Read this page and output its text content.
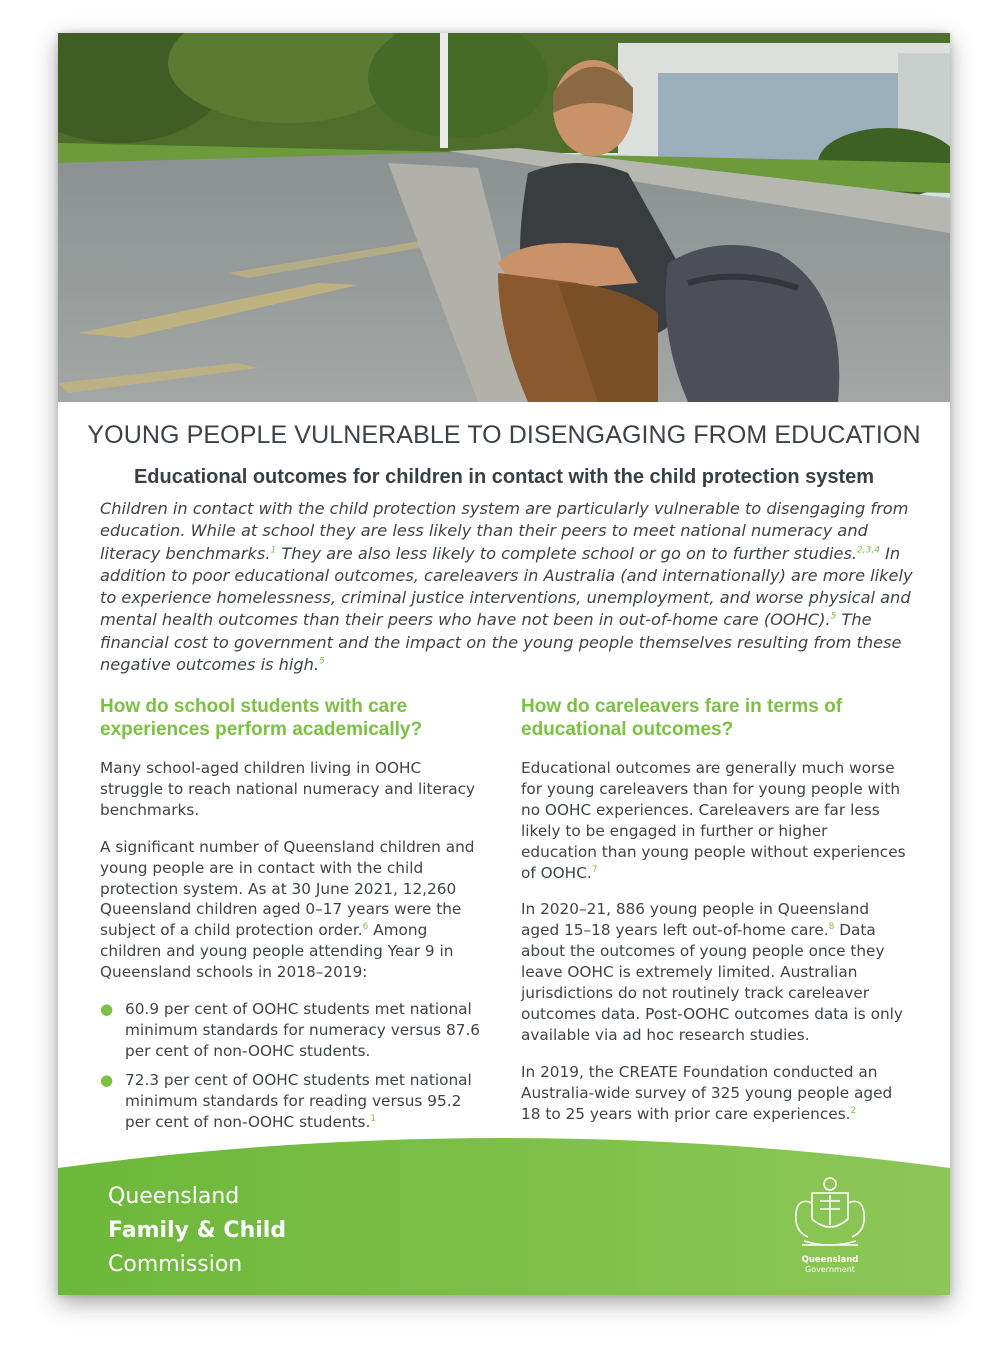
YOUNG PEOPLE VULNERABLE TO DISENGAGING FROM EDUCATION
Educational outcomes for children in contact with the child protection system

Children in contact with the child protection system are particularly vulnerable to disengaging from education. While at school they are less likely than their peers to meet national numeracy and literacy benchmarks.$^1$ They are also less likely to complete school or go on to further studies.$^{2,3,4}$ In addition to poor educational outcomes, careleavers in Australia (and internationally) are more likely to experience homelessness, criminal justice interventions, unemployment, and worse physical and mental health outcomes than their peers who have not been in out-of-home care (OOHC).$^5$ The financial cost to government and the impact on the young people themselves resulting from these negative outcomes is high.$^5$

How do school students with care experiences perform academically?

Many school-aged children living in OOHC struggle to reach national numeracy and literacy benchmarks.

A significant number of Queensland children and young people are in contact with the child protection system. As at 30 June 2021, 12,260 Queensland children aged 0–17 years were the subject of a child protection order.$^6$ Among children and young people attending Year 9 in Queensland schools in 2018–2019:

● 60.9 per cent of OOHC students met national minimum standards for numeracy versus 87.6 per cent of non-OOHC students.
● 72.3 per cent of OOHC students met national minimum standards for reading versus 95.2 per cent of non-OOHC students.$^1$
How do careleavers fare in terms of educational outcomes?

Educational outcomes are generally much worse for young careleavers than for young people with no OOHC experiences. Careleavers are far less likely to be engaged in further or higher education than young people without experiences of OOHC.$^7$

In 2020–21, 886 young people in Queensland aged 15–18 years left out-of-home care.$^8$ Data about the outcomes of young people once they leave OOHC is extremely limited. Australian jurisdictions do not routinely track careleaver outcomes data. Post-OOHC outcomes data is only available via ad hoc research studies.

In 2019, the CREATE Foundation conducted an Australia-wide survey of 325 young people aged 18 to 25 years with prior care experiences.$^2$

Queensland
Family & Child
Commission	Queensland
Government
